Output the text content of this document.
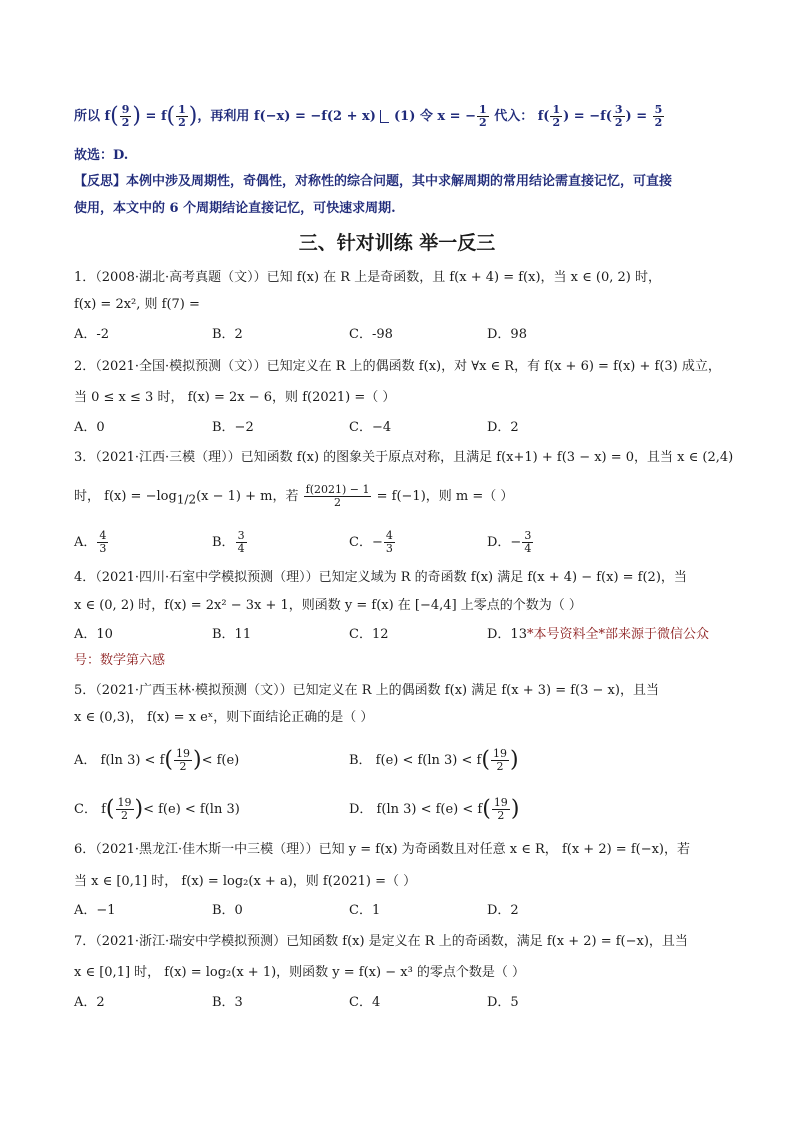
所以 $f( \frac{9}{2}$ ) = $f( \frac{1}{2}$ )，再利用 f(−x) = −f(2 + x) (1) 令 x = − $\frac{1}{2}$ 代入： $f( \frac{1}{2}$ ) = $-f( \frac{3}{2}$ ) = $\frac{5}{2}$
故选：D.
【反思】本例中涉及周期性，奇偶性，对称性的综合问题，其中求解周期的常用结论需直接记忆，可直接
使用，本文中的 6 个周期结论直接记忆，可快速求周期.
三、针对训练 举一反三
1．（2008·湖北·高考真题（文））已知 f(x) 在 R 上是奇函数，且 f(x + 4) = f(x)，当 x ∈ (0, 2) 时，
f(x) = 2x², 则 f(7) =
A．-2	B．2	C．-98	D．98
2．（2021·全国·模拟预测（文））已知定义在 R 上的偶函数 f(x)，对 ∀x ∈ R，有 f(x + 6) = f(x) + f(3) 成立，
当 0 ≤ x ≤ 3 时， f(x) = 2x − 6，则 f(2021) =（ ）
A．0	B．−2	C．−4	D．2
3．（2021·江西·三模（理））已知函数 f(x) 的图象关于原点对称，且满足 f(x+1) + f(3 − x) = 0，且当 x ∈ (2,4)
时， $f(x) = -\log_{1/2}(x - 1) + m$，若 $\frac{f(2021) - 1}{2} = f(-1)$，则 m =（ ）
A． $\frac{4}{3}$	B． $\frac{3}{4}$	C．− $\frac{4}{3}$	D．− $\frac{3}{4}$
4．（2021·四川·石室中学模拟预测（理））已知定义域为 R 的奇函数 f(x) 满足 f(x + 4) − f(x) = f(2)，当
x ∈ (0, 2) 时，f(x) = 2x² − 3x + 1，则函数 y = f(x) 在 [−4,4] 上零点的个数为（ ）
A．10	B．11	C．12	D．13*本号资料全*部来源于微信公众
号：数学第六感
5．（2021·广西玉林·模拟预测（文））已知定义在 R 上的偶函数 f(x) 满足 f(x + 3) = f(3 − x)，且当
x ∈ (0,3)， f(x) = x eˣ，则下面结论正确的是（ ）
A． f(ln $3) < f( \frac{19}{2}$ )< f(e)	B． f(e) < f(ln $3) < f( \frac{19}{2}$ )
C． $f( \frac{19}{2}$ )< f(e) < f(ln 3)	D． f(ln $3) < f(e) < f( \frac{19}{2}$ )
6．（2021·黑龙江·佳木斯一中三模（理））已知 y = f(x) 为奇函数且对任意 x ∈ R， f(x + 2) = f(−x)，若
当 x ∈ [0,1] 时， f(x) = log₂(x + a)，则 f(2021) =（ ）
A．−1	B．0	C．1	D．2
7．（2021·浙江·瑞安中学模拟预测）已知函数 f(x) 是定义在 R 上的奇函数，满足 f(x + 2) = f(−x)，且当
x ∈ [0,1] 时， f(x) = log₂(x + 1)，则函数 y = f(x) − x³ 的零点个数是（ ）
A．2	B．3	C．4	D．5
